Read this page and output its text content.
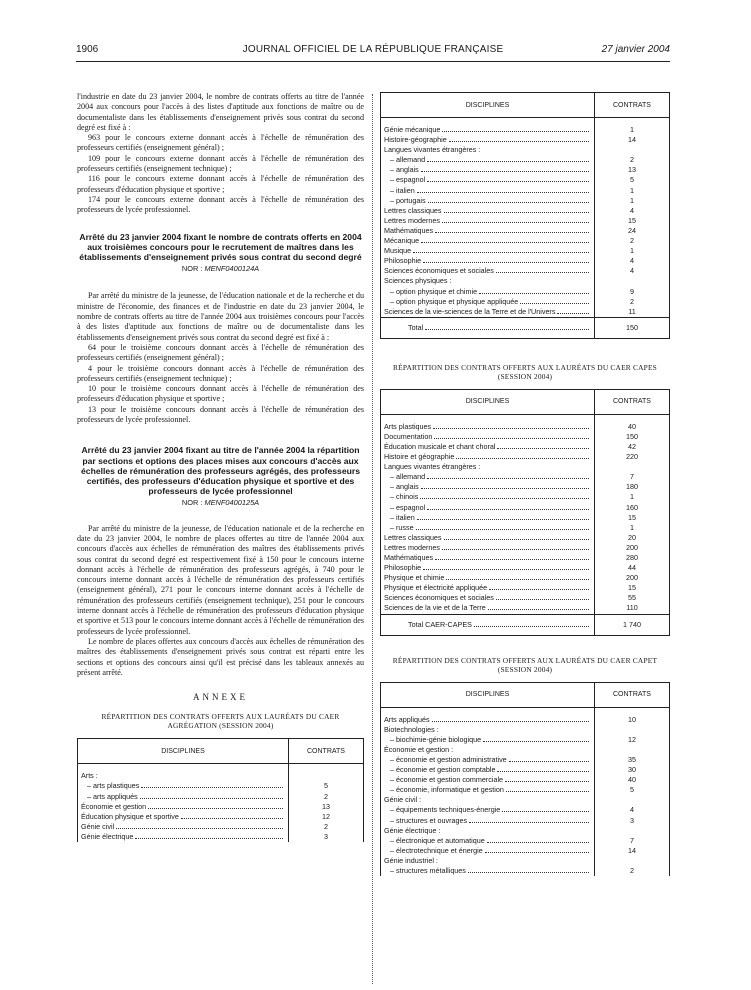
1906	JOURNAL OFFICIEL DE LA RÉPUBLIQUE FRANÇAISE	27 janvier 2004

l'industrie en date du 23 janvier 2004, le nombre de contrats offerts au titre de l'année 2004 aux concours pour l'accès à des listes d'aptitude aux fonctions de maître ou de documentaliste dans les établissements d'enseignement privés sous contrat du second degré est fixé à :

963 pour le concours externe donnant accès à l'échelle de rémunération des professeurs certifiés (enseignement général) ;

109 pour le concours externe donnant accès à l'échelle de rémunération des professeurs certifiés (enseignement technique) ;

116 pour le concours externe donnant accès à l'échelle de rémunération des professeurs d'éducation physique et sportive ;

174 pour le concours externe donnant accès à l'échelle de rémunération des professeurs de lycée professionnel.

Arrêté du 23 janvier 2004 fixant le nombre de contrats offerts en 2004 aux troisièmes concours pour le recrutement de maîtres dans les établissements d'enseignement privés sous contrat du second degré

NOR : MENF0400124A

Par arrêté du ministre de la jeunesse, de l'éducation nationale et de la recherche et du ministre de l'économie, des finances et de l'industrie en date du 23 janvier 2004, le nombre de contrats offerts au titre de l'année 2004 aux troisièmes concours pour l'accès à des listes d'aptitude aux fonctions de maître ou de documentaliste dans les établissements d'enseignement privés sous contrat du second degré est fixé à :

64 pour le troisième concours donnant accès à l'échelle de rémunération des professeurs certifiés (enseignement général) ;

4 pour le troisième concours donnant accès à l'échelle de rémunération des professeurs certifiés (enseignement technique) ;

10 pour le troisième concours donnant accès à l'échelle de rémunération des professeurs d'éducation physique et sportive ;

13 pour le troisième concours donnant accès à l'échelle de rémunération des professeurs de lycée professionnel.

Arrêté du 23 janvier 2004 fixant au titre de l'année 2004 la répartition par sections et options des places mises aux concours d'accès aux échelles de rémunération des professeurs agrégés, des professeurs certifiés, des professeurs d'éducation physique et sportive et des professeurs de lycée professionnel

NOR : MENF0400125A

Par arrêté du ministre de la jeunesse, de l'éducation nationale et de la recherche en date du 23 janvier 2004, le nombre de places offertes au titre de l'année 2004 aux concours d'accès aux échelles de rémunération des maîtres des établissements privés sous contrat du second degré est respectivement fixé à 150 pour le concours interne donnant accès à l'échelle de rémunération des professeurs agrégés, à 740 pour le concours interne donnant accès à l'échelle de rémunération des professeurs certifiés (enseignement général), 271 pour le concours interne donnant accès à l'échelle de rémunération des professeurs certifiés (enseignement technique), 251 pour le concours interne donnant accès à l'échelle de rémunération des professeurs d'éducation physique et sportive et 513 pour le concours interne donnant accès à l'échelle de rémunération des professeurs de lycée professionnel.

Le nombre de places offertes aux concours d'accès aux échelles de rémunération des maîtres des établissements d'enseignement privés sous contrat est réparti entre les sections et options des concours ainsi qu'il est précisé dans les tableaux annexés au présent arrêté.

ANNEXE

RÉPARTITION DES CONTRATS OFFERTS AUX LAURÉATS DU CAER AGRÉGATION (SESSION 2004)

DISCIPLINES	CONTRATS

Arts :	

– arts plastiques	5

– arts appliqués	2

Économie et gestion	13

Éducation physique et sportive	12

Génie civil	2

Génie électrique	3
DISCIPLINES	CONTRATS

Génie mécanique	1

Histoire-géographie	14

Langues vivantes étrangères :	

– allemand	2

– anglais	13

– espagnol	5

– italien	1

– portugais	1

Lettres classiques	4

Lettres modernes	15

Mathématiques	24

Mécanique	2

Musique	1

Philosophie	4

Sciences économiques et sociales	4

Sciences physiques :	

– option physique et chimie	9

– option physique et physique appliquée	2

Sciences de la vie-sciences de la Terre et de l'Univers	11

Total	150

RÉPARTITION DES CONTRATS OFFERTS AUX LAURÉATS DU CAER CAPES (SESSION 2004)

DISCIPLINES	CONTRATS

Arts plastiques	40

Documentation	150

Éducation musicale et chant choral	42

Histoire et géographie	220

Langues vivantes étrangères :	

– allemand	7

– anglais	180

– chinois	1

– espagnol	160

– italien	15

– russe	1

Lettres classiques	20

Lettres modernes	200

Mathématiques	280

Philosophie	44

Physique et chimie	200

Physique et électricité appliquée	15

Sciences économiques et sociales	55

Sciences de la vie et de la Terre	110

Total CAER-CAPES	1 740

RÉPARTITION DES CONTRATS OFFERTS AUX LAURÉATS DU CAER CAPET (SESSION 2004)

DISCIPLINES	CONTRATS

Arts appliqués	10

Biotechnologies :	

– biochimie-génie biologique	12

Économie et gestion :	

– économie et gestion administrative	35

– économie et gestion comptable	30

– économie et gestion commerciale	40

– économie, informatique et gestion	5

Génie civil :	

– équipements techniques-énergie	4

– structures et ouvrages	3

Génie électrique :	

– électronique et automatique	7

– électrotechnique et énergie	14

Génie industriel :	

– structures métalliques	2
